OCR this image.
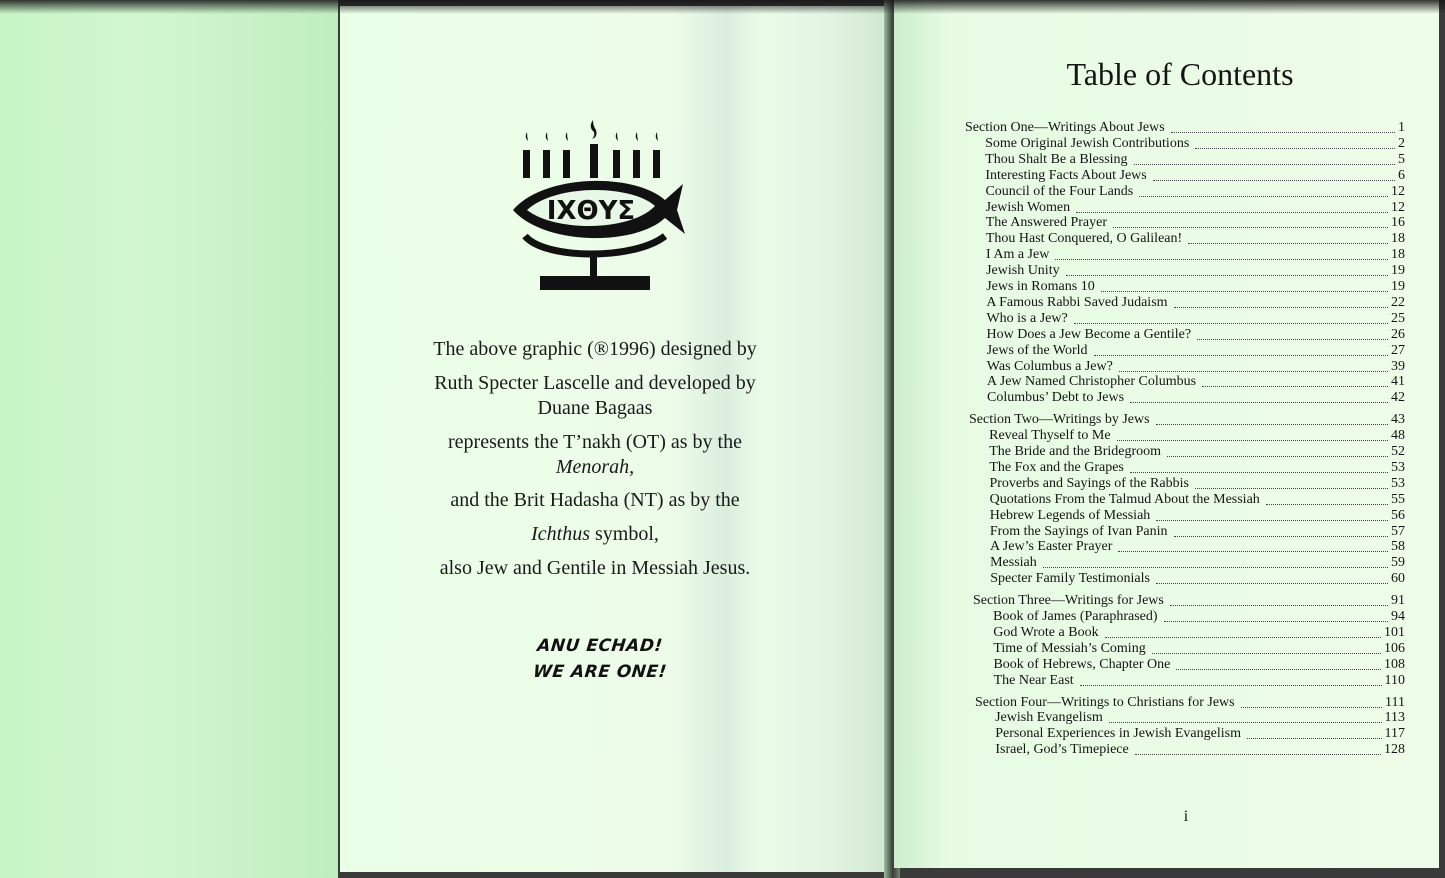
IXΘYΣ
The above graphic (®1996) designed by
Ruth Specter Lascelle and developed by
Duane Bagaas
represents the T’nakh (OT) as by the
Menorah,
and the Brit Hadasha (NT) as by the
Ichthus symbol,
also Jew and Gentile in Messiah Jesus.
ANU ECHAD!
WE ARE ONE!
Table of Contents
Section One—Writings About Jews	1
Some Original Jewish Contributions	2
Thou Shalt Be a Blessing	5
Interesting Facts About Jews	6
Council of the Four Lands	12
Jewish Women	12
The Answered Prayer	16
Thou Hast Conquered, O Galilean!	18
I Am a Jew	18
Jewish Unity	19
Jews in Romans 10	19
A Famous Rabbi Saved Judaism	22
Who is a Jew?	25
How Does a Jew Become a Gentile?	26
Jews of the World	27
Was Columbus a Jew?	39
A Jew Named Christopher Columbus	41
Columbus’ Debt to Jews	42
Section Two—Writings by Jews	43
Reveal Thyself to Me	48
The Bride and the Bridegroom	52
The Fox and the Grapes	53
Proverbs and Sayings of the Rabbis	53
Quotations From the Talmud About the Messiah	55
Hebrew Legends of Messiah	56
From the Sayings of Ivan Panin	57
A Jew’s Easter Prayer	58
Messiah	59
Specter Family Testimonials	60
Section Three—Writings for Jews	91
Book of James (Paraphrased)	94
God Wrote a Book	101
Time of Messiah’s Coming	106
Book of Hebrews, Chapter One	108
The Near East	110
Section Four—Writings to Christians for Jews	111
Jewish Evangelism	113
Personal Experiences in Jewish Evangelism	117
Israel, God’s Timepiece	128
i
